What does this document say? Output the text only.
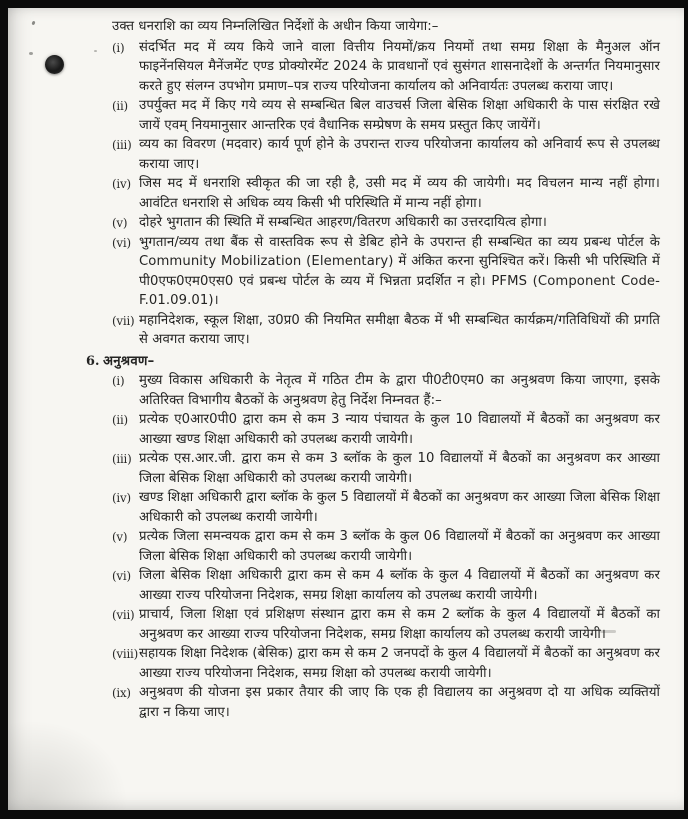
उक्त धनराशि का व्यय निम्नलिखित निर्देशों के अधीन किया जायेगा:–

(i) संदर्भित मद में व्यय किये जाने वाला वित्तीय नियमों/क्रय नियमों तथा समग्र शिक्षा के मैनुअल ऑन फाइनेंनसियल मैनेंजमेंट एण्ड प्रोक्योरमेंट 2024 के प्रावधानों एवं सुसंगत शासनादेशों के अन्तर्गत नियमानुसार करते हुए संलग्न उपभोग प्रमाण–पत्र राज्य परियोजना कार्यालय को अनिवार्यतः उपलब्ध कराया जाए।
(ii) उपर्युक्त मद में किए गये व्यय से सम्बन्धित बिल वाउचर्स जिला बेसिक शिक्षा अधिकारी के पास संरक्षित रखे जायें एवम् नियमानुसार आन्तरिक एवं वैधानिक सम्प्रेषण के समय प्रस्तुत किए जायेंगें।
(iii) व्यय का विवरण (मदवार) कार्य पूर्ण होने के उपरान्त राज्य परियोजना कार्यालय को अनिवार्य रूप से उपलब्ध कराया जाए।
(iv) जिस मद में धनराशि स्वीकृत की जा रही है, उसी मद में व्यय की जायेगी। मद विचलन मान्य नहीं होगा। आवंटित धनराशि से अधिक व्यय किसी भी परिस्थिति में मान्य नहीं होगा।
(v) दोहरे भुगतान की स्थिति में सम्बन्धित आहरण/वितरण अधिकारी का उत्तरदायित्व होगा।
(vi) भुगतान/व्यय तथा बैंक से वास्तविक रूप से डेबिट होने के उपरान्त ही सम्बन्धित का व्यय प्रबन्ध पोर्टल के Community Mobilization (Elementary) में अंकित करना सुनिश्चित करें। किसी भी परिस्थिति में पी0एफ0एम0एस0 एवं प्रबन्ध पोर्टल के व्यय में भिन्नता प्रदर्शित न हो। PFMS (Component Code-F.01.09.01)।
(vii) महानिदेशक, स्कूल शिक्षा, उ0प्र0 की नियमित समीक्षा बैठक में भी सम्बन्धित कार्यक्रम/गतिविधियों की प्रगति से अवगत कराया जाए।
6. अनुश्रवण–
(i) मुख्य विकास अधिकारी के नेतृत्व में गठित टीम के द्वारा पी0टी0एम0 का अनुश्रवण किया जाएगा, इसके अतिरिक्त विभागीय बैठकों के अनुश्रवण हेतु निर्देश निम्नवत हैं:–
(ii) प्रत्येक ए0आर0पी0 द्वारा कम से कम 3 न्याय पंचायत के कुल 10 विद्यालयों में बैठकों का अनुश्रवण कर आख्या खण्ड शिक्षा अधिकारी को उपलब्ध करायी जायेगी।
(iii) प्रत्येक एस.आर.जी. द्वारा कम से कम 3 ब्लॉक के कुल 10 विद्यालयों में बैठकों का अनुश्रवण कर आख्या जिला बेसिक शिक्षा अधिकारी को उपलब्ध करायी जायेगी।
(iv) खण्ड शिक्षा अधिकारी द्वारा ब्लॉक के कुल 5 विद्यालयों में बैठकों का अनुश्रवण कर आख्या जिला बेसिक शिक्षा अधिकारी को उपलब्ध करायी जायेगी।
(v) प्रत्येक जिला समन्वयक द्वारा कम से कम 3 ब्लॉक के कुल 06 विद्यालयों में बैठकों का अनुश्रवण कर आख्या जिला बेसिक शिक्षा अधिकारी को उपलब्ध करायी जायेगी।
(vi) जिला बेसिक शिक्षा अधिकारी द्वारा कम से कम 4 ब्लॉक के कुल 4 विद्यालयों में बैठकों का अनुश्रवण कर आख्या राज्य परियोजना निदेशक, समग्र शिक्षा कार्यालय को उपलब्ध करायी जायेगी।
(vii) प्राचार्य, जिला शिक्षा एवं प्रशिक्षण संस्थान द्वारा कम से कम 2 ब्लॉक के कुल 4 विद्यालयों में बैठकों का अनुश्रवण कर आख्या राज्य परियोजना निदेशक, समग्र शिक्षा कार्यालय को उपलब्ध करायी जायेगी।
(viii) सहायक शिक्षा निदेशक (बेसिक) द्वारा कम से कम 2 जनपदों के कुल 4 विद्यालयों में बैठकों का अनुश्रवण कर आख्या राज्य परियोजना निदेशक, समग्र शिक्षा को उपलब्ध करायी जायेगी।
(ix) अनुश्रवण की योजना इस प्रकार तैयार की जाए कि एक ही विद्यालय का अनुश्रवण दो या अधिक व्यक्तियों द्वारा न किया जाए।
